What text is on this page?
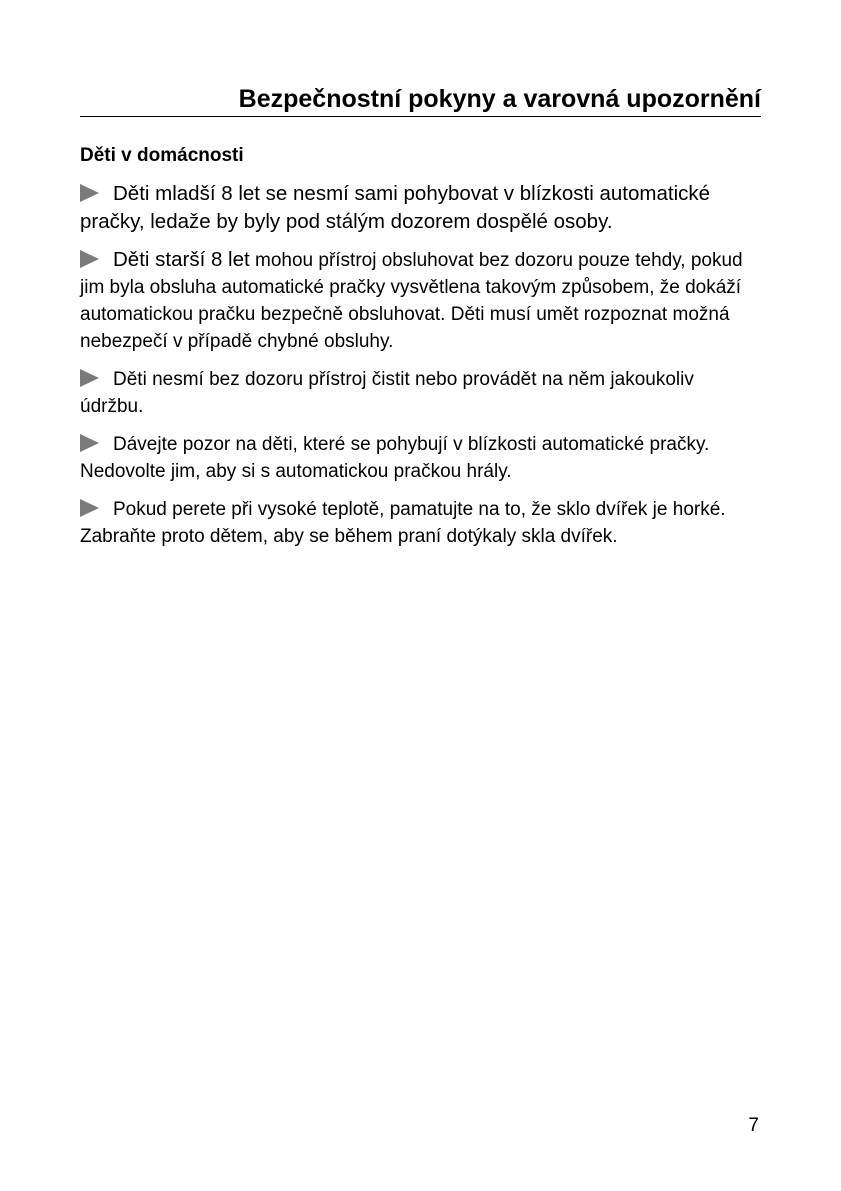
Bezpečnostní pokyny a varovná upozornění
Děti v domácnosti

Děti mladší 8 let se nesmí sami pohybovat v blízkosti automatické pračky, ledaže by byly pod stálým dozorem dospělé osoby.

Děti starší 8 let mohou přístroj obsluhovat bez dozoru pouze tehdy, pokud jim byla obsluha automatické pračky vysvětlena takovým způsobem, že dokáží automatickou pračku bezpečně obsluhovat. Děti musí umět rozpoznat možná nebezpečí v případě chybné obsluhy.

Děti nesmí bez dozoru přístroj čistit nebo provádět na něm jakoukoliv údržbu.

Dávejte pozor na děti, které se pohybují v blízkosti automatické pračky. Nedovolte jim, aby si s automatickou pračkou hrály.

Pokud perete při vysoké teplotě, pamatujte na to, že sklo dvířek je horké.
Zabraňte proto dětem, aby se během praní dotýkaly skla dvířek.

7
